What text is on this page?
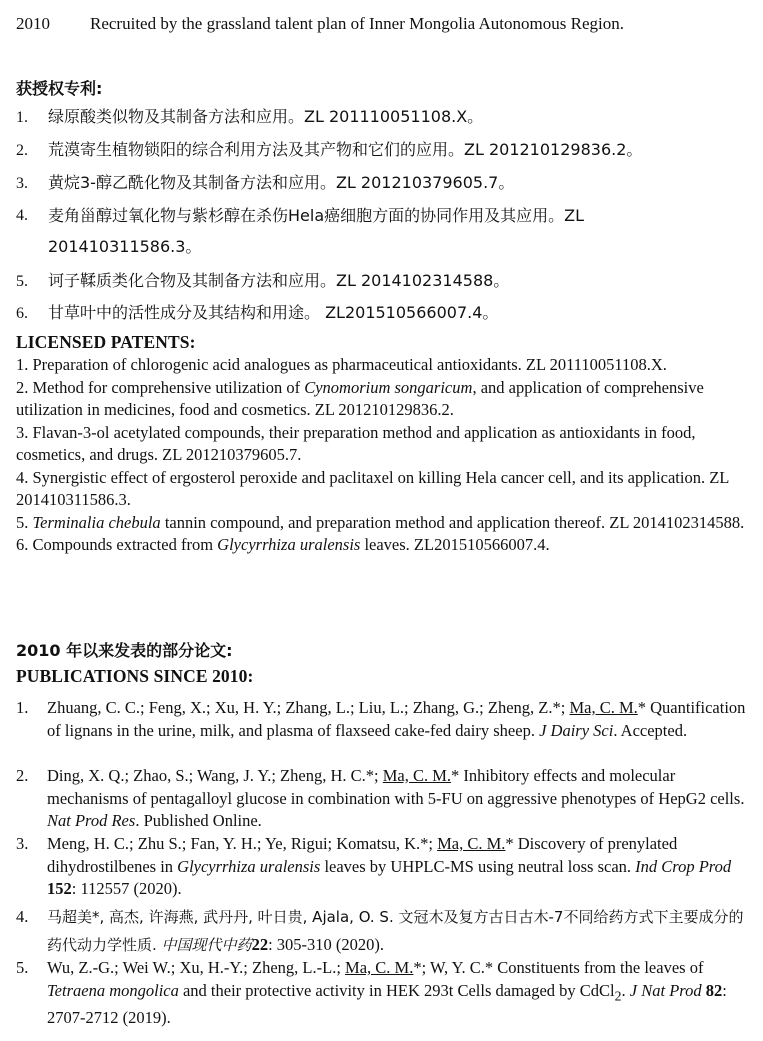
2010 Recruited by the grassland talent plan of Inner Mongolia Autonomous Region.
获授权专利:
1. 绿原酸类似物及其制备方法和应用。ZL 201110051108.X。
2. 荒漠寄生植物锁阳的综合利用方法及其产物和它们的应用。ZL 201210129836.2。
3. 黄烷3-醇乙酰化物及其制备方法和应用。ZL 201210379605.7。
4.	麦角甾醇过氧化物与紫杉醇在杀伤Hela癌细胞方面的协同作用及其应用。ZL 201410311586.3。
5. 诃子鞣质类化合物及其制备方法和应用。ZL 2014102314588。
6. 甘草叶中的活性成分及其结构和用途。 ZL201510566007.4。
LICENSED PATENTS:

1. Preparation of chlorogenic acid analogues as pharmaceutical antioxidants. ZL 201110051108.X.

2. Method for comprehensive utilization of Cynomorium songaricum, and application of comprehensive utilization in medicines, food and cosmetics. ZL 201210129836.2.

3. Flavan-3-ol acetylated compounds, their preparation method and application as antioxidants in food, cosmetics, and drugs. ZL 201210379605.7.

4. Synergistic effect of ergosterol peroxide and paclitaxel on killing Hela cancer cell, and its application. ZL 201410311586.3.

5. Terminalia chebula tannin compound, and preparation method and application thereof. ZL 2014102314588.

6. Compounds extracted from Glycyrrhiza uralensis leaves. ZL201510566007.4.

2010 年以来发表的部分论文:
PUBLICATIONS SINCE 2010:
1. Zhuang, C. C.; Feng, X.; Xu, H. Y.; Zhang, L.; Liu, L.; Zhang, G.; Zheng, Z.*; Ma, C. M.* Quantification of lignans in the urine, milk, and plasma of flaxseed cake-fed dairy sheep. J Dairy Sci. Accepted.
2. Ding, X. Q.; Zhao, S.; Wang, J. Y.; Zheng, H. C.*; Ma, C. M.* Inhibitory effects and molecular mechanisms of pentagalloyl glucose in combination with 5-FU on aggressive phenotypes of HepG2 cells. Nat Prod Res. Published Online.
3. Meng, H. C.; Zhu S.; Fan, Y. H.; Ye, Rigui; Komatsu, K.*; Ma, C. M.* Discovery of prenylated dihydrostilbenes in Glycyrrhiza uralensis leaves by UHPLC-MS using neutral loss scan. Ind Crop Prod 152: 112557 (2020).
4. 马超美*, 高杰, 许海燕, 武丹丹, 叶日贵, Ajala, O. S. 文冠木及复方古日古木-7不同给药方式下主要成分的药代动力学性质. 中国现代中药22: 305-310 (2020).
5. Wu, Z.-G.; Wei W.; Xu, H.-Y.; Zheng, L.-L.; Ma, C. M.*; W, Y. C.* Constituents from the leaves of Tetraena mongolica and their protective activity in HEK 293t Cells damaged by CdCl$_2$. J Nat Prod 82: 2707-2712 (2019).
